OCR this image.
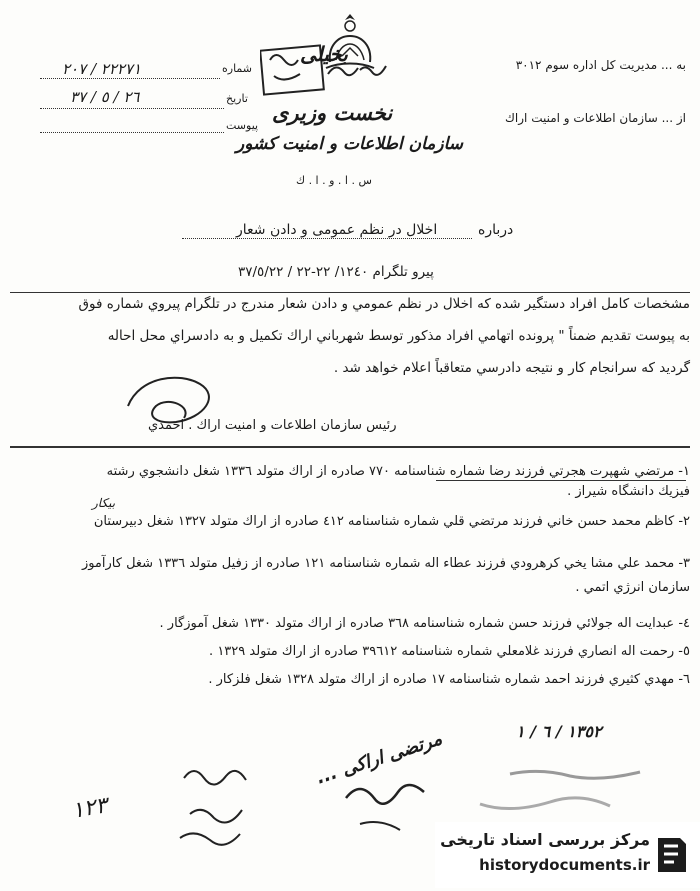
به ... مديريت كل اداره سوم ٣٠١٢
از ... سازمان اطلاعات و امنيت اراك
شماره
٢٢٢٧١ / ٢٠٧
تاريخ
٢٦ / ٥ / ٣٧
پيوست
بخیلی
نخست وزیری
سازمان اطلاعات و امنیت کشور
س . ا . و . ا . ك
درباره
اخلال در نظم عمومی و دادن شعار
پيرو تلگرام ١٢٤٠/ ٢٢-٢٢ / ٣٧/٥/٢٢
مشخصات كامل افراد دستگير شده كه اخلال در نظم عمومي و دادن شعار مندرج در تلگرام پيروي شماره فوق
به پيوست تقديم ضمناً " پرونده اتهامي افراد مذكور توسط شهرباني اراك تكميل و به دادسراي محل احاله
گرديد كه سرانجام كار و نتيجه دادرسي متعاقباً اعلام خواهد شد .
رئيس سازمان اطلاعات و امنيت اراك . احمدي
١- مرتضي شهپرت هجرتي فرزند رضا شماره شناسنامه ٧٧٠ صادره از اراك متولد ١٣٣٦ شغل دانشجوي رشته
فيزيك دانشگاه شيراز .
بیکار
٢- كاظم محمد حسن خاني فرزند مرتضي قلي شماره شناسنامه ٤١٢ صادره از اراك متولد ١٣٢٧ شغل دبيرستان
٣- محمد علي مشا يخي كرهرودي فرزند عطاء اله شماره شناسنامه ١٢١ صادره از زفيل متولد ١٣٣٦ شغل كارآموز
سازمان انرژي اتمي .
٤- عبدايت اله جولائي فرزند حسن شماره شناسنامه ٣٦٨ صادره از اراك متولد ١٣٣٠ شغل آموزگار .
٥- رحمت اله انصاري فرزند غلامعلي شماره شناسنامه ٣٩٦١٢ صادره از اراك متولد ١٣٢٩ .
٦- مهدي كثيري فرزند احمد شماره شناسنامه ١٧ صادره از اراك متولد ١٣٢٨ شغل فلزكار .
١٣٥٢ / ٦ / ١
مرتضی اراکی ...
١٢٣
مرکز بررسی اسناد تاریخی
historydocuments.ir
